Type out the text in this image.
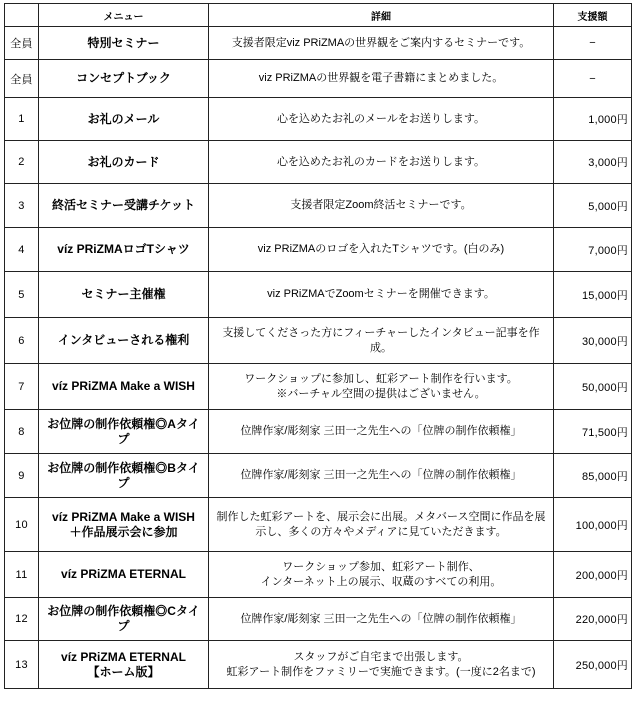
	メニュー	詳細	支援額
全員	特別セミナー	支援者限定viz PRiZMAの世界観をご案内するセミナーです。	−
全員	コンセプトブック	viz PRiZMAの世界観を電子書籍にまとめました。	−
1	お礼のメール	心を込めたお礼のメールをお送りします。	1,000円
2	お礼のカード	心を込めたお礼のカードをお送りします。	3,000円
3	終活セミナー受講チケット	支援者限定Zoom終活セミナーです。	5,000円
4	víz PRiZMAロゴTシャツ	viz PRiZMAのロゴを入れたTシャツです。(白のみ)	7,000円
5	セミナー主催権	viz PRiZMAでZoomセミナーを開催できます。	15,000円
6	インタビューされる権利	支援してくださった方にフィーチャーしたインタビュー記事を作成。	30,000円
7	víz PRiZMA Make a WISH	ワークショップに参加し、虹彩アート制作を行います。
※バーチャル空間の提供はございません。	50,000円
8	お位牌の制作依頼権◎Aタイプ	位牌作家/彫刻家 三田一之先生への「位牌の制作依頼権」	71,500円
9	お位牌の制作依頼権◎Bタイプ	位牌作家/彫刻家 三田一之先生への「位牌の制作依頼権」	85,000円
10	víz PRiZMA Make a WISH
＋作品展示会に参加	制作した虹彩アートを、展示会に出展。メタバース空間に作品を展
示し、多くの方々やメディアに見ていただきます。	100,000円
11	víz PRiZMA ETERNAL	ワークショップ参加、虹彩アート制作、
インターネット上の展示、収蔵のすべての利用。	200,000円
12	お位牌の制作依頼権◎Cタイプ	位牌作家/彫刻家 三田一之先生への「位牌の制作依頼権」	220,000円
13	víz PRiZMA ETERNAL
【ホーム版】	スタッフがご自宅まで出張します。
虹彩アート制作をファミリーで実施できます。(一度に2名まで)	250,000円
